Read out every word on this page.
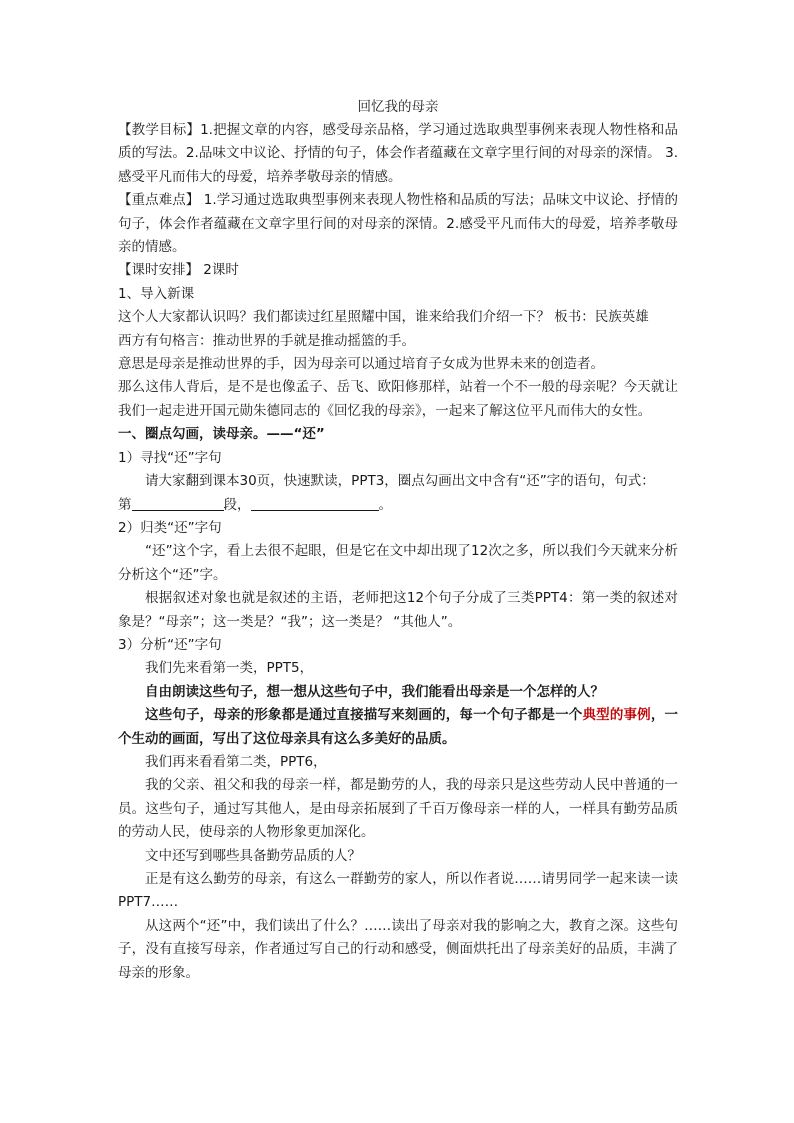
回忆我的母亲

【教学目标】1.把握文章的内容，感受母亲品格，学习通过选取典型事例来表现人物性格和品质的写法。2.品味文中议论、抒情的句子，体会作者蕴藏在文章字里行间的对母亲的深情。 3.感受平凡而伟大的母爱，培养孝敬母亲的情感。

【重点难点】 1.学习通过选取典型事例来表现人物性格和品质的写法；品味文中议论、抒情的句子，体会作者蕴藏在文章字里行间的对母亲的深情。2.感受平凡而伟大的母爱，培养孝敬母亲的情感。

【课时安排】 2课时

1、导入新课

这个人大家都认识吗？我们都读过红星照耀中国，谁来给我们介绍一下？ 板书：民族英雄

西方有句格言：推动世界的手就是推动摇篮的手。

意思是母亲是推动世界的手，因为母亲可以通过培育子女成为世界未来的创造者。

那么这伟人背后，是不是也像孟子、岳飞、欧阳修那样，站着一个不一般的母亲呢？今天就让我们一起走进开国元勋朱德同志的《回忆我的母亲》，一起来了解这位平凡而伟大的女性。

一、圈点勾画，读母亲。——“还”

1）寻找“还”字句

请大家翻到课本30页，快速默读，PPT3，圈点勾画出文中含有“还”字的语句，句式：

第	段，	。

2）归类“还”字句

“还”这个字，看上去很不起眼，但是它在文中却出现了12次之多，所以我们今天就来分析分析这个“还”字。

根据叙述对象也就是叙述的主语，老师把这12个句子分成了三类PPT4：第一类的叙述对象是？“母亲”；这一类是？“我”；这一类是？ “其他人”。

3）分析“还”字句

我们先来看第一类，PPT5，

自由朗读这些句子，想一想从这些句子中，我们能看出母亲是一个怎样的人？

这些句子，母亲的形象都是通过直接描写来刻画的，每一个句子都是一个典型的事例，一个生动的画面，写出了这位母亲具有这么多美好的品质。

我们再来看看第二类，PPT6，

我的父亲、祖父和我的母亲一样，都是勤劳的人，我的母亲只是这些劳动人民中普通的一员。这些句子，通过写其他人，是由母亲拓展到了千百万像母亲一样的人，一样具有勤劳品质的劳动人民，使母亲的人物形象更加深化。

文中还写到哪些具备勤劳品质的人？

正是有这么勤劳的母亲，有这么一群勤劳的家人，所以作者说……请男同学一起来读一读PPT7……

从这两个“还”中，我们读出了什么？……读出了母亲对我的影响之大，教育之深。这些句子，没有直接写母亲，作者通过写自己的行动和感受，侧面烘托出了母亲美好的品质，丰满了母亲的形象。
